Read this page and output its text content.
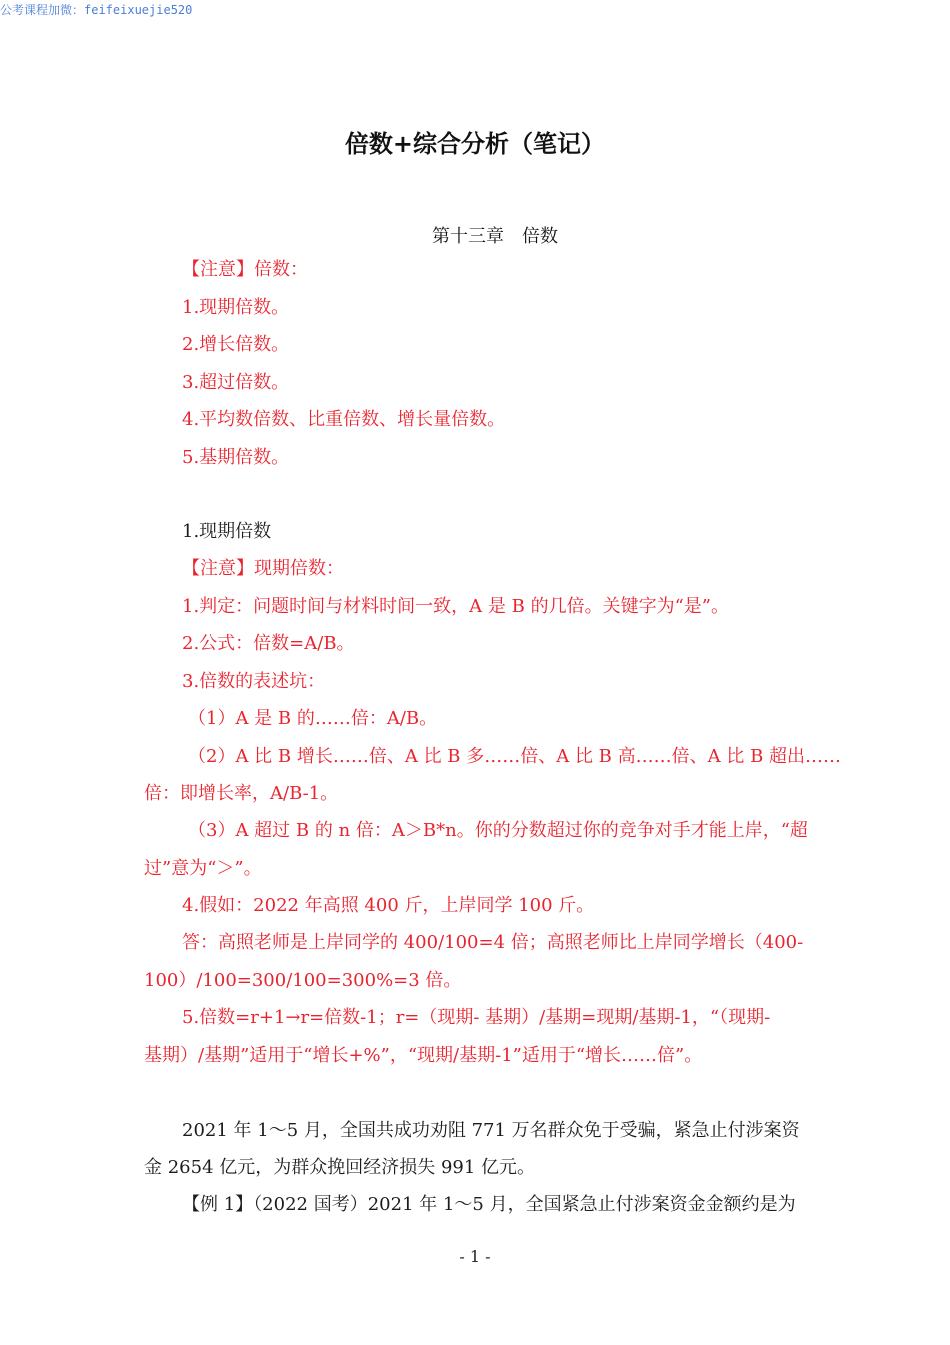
公考课程加微：feifeixuejie520
倍数+综合分析（笔记）
第十三章　倍数
【注意】倍数：
1.现期倍数。
2.增长倍数。
3.超过倍数。
4.平均数倍数、比重倍数、增长量倍数。
5.基期倍数。
1.现期倍数
【注意】现期倍数：
1.判定：问题时间与材料时间一致，A 是 B 的几倍。关键字为“是”。
2.公式：倍数=A/B。
3.倍数的表述坑：
（1）A 是 B 的……倍：A/B。
（2）A 比 B 增长……倍、A 比 B 多……倍、A 比 B 高……倍、A 比 B 超出……
倍：即增长率，A/B-1。
（3）A 超过 B 的 n 倍：A＞B*n。你的分数超过你的竞争对手才能上岸，“超
过”意为“＞”。
4.假如：2022 年高照 400 斤，上岸同学 100 斤。
答：高照老师是上岸同学的 400/100=4 倍；高照老师比上岸同学增长（400-
100）/100=300/100=300%=3 倍。
5.倍数=r+1→r=倍数-1；r=（现期- 基期）/基期=现期/基期-1，“（现期-
基期）/基期”适用于“增长+%”，“现期/基期-1”适用于“增长……倍”。
2021 年 1～5 月，全国共成功劝阻 771 万名群众免于受骗，紧急止付涉案资
金 2654 亿元，为群众挽回经济损失 991 亿元。
【例 1】（2022 国考）2021 年 1～5 月，全国紧急止付涉案资金金额约是为
- 1 -
